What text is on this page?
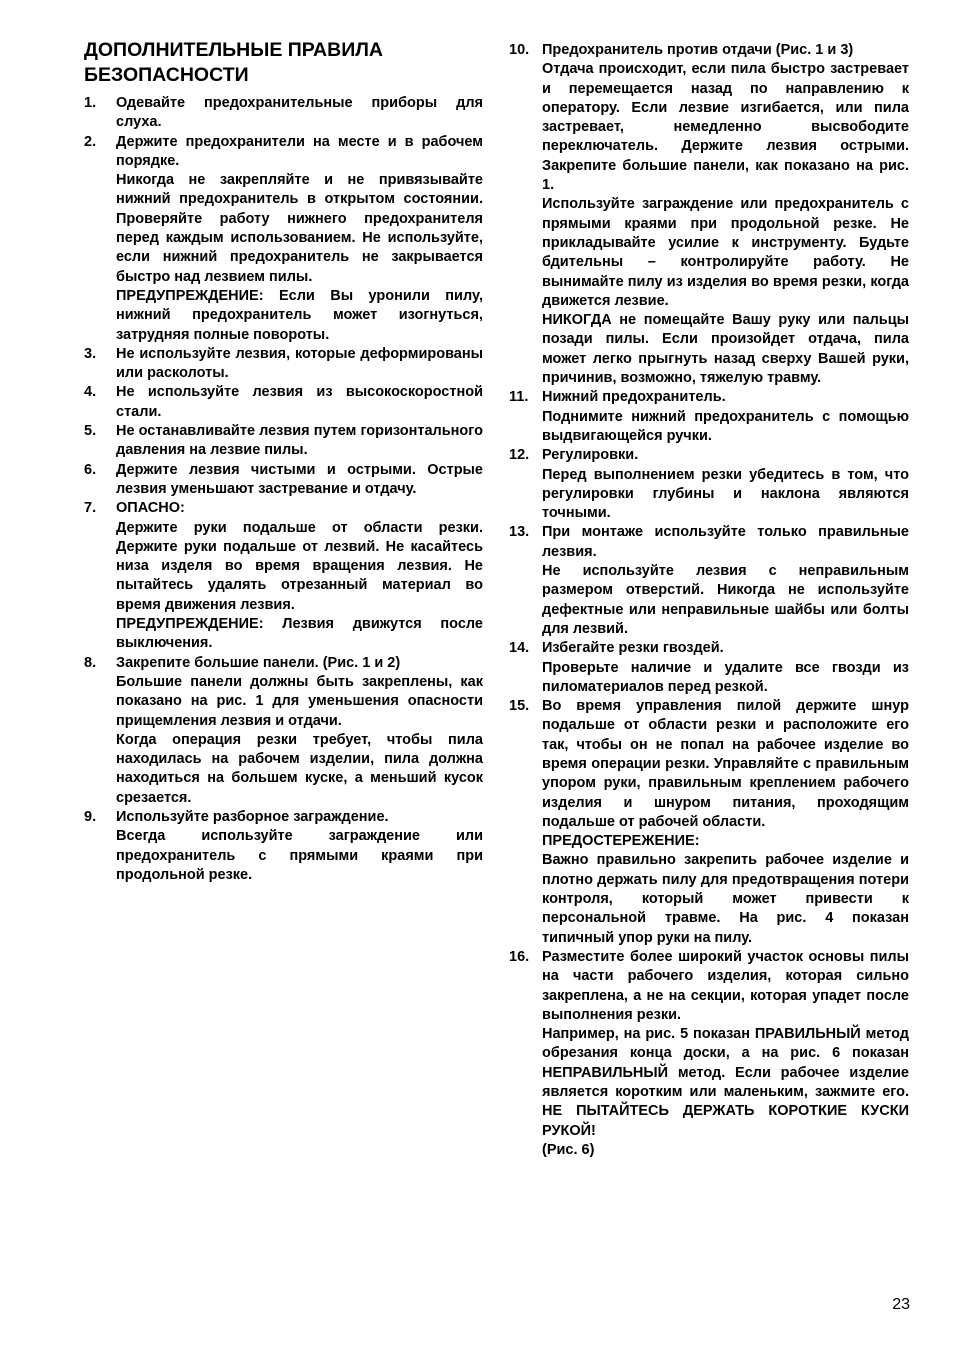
ДОПОЛНИТЕЛЬНЫЕ ПРАВИЛА БЕЗОПАСНОСТИ
1. Одевайте предохранительные приборы для слуха.

2. Держите предохранители на месте и в рабочем порядке.

Никогда не закрепляйте и не привязывайте нижний предохранитель в открытом состоянии. Проверяйте работу нижнего предохранителя перед каждым использованием. Не используйте, если нижний предохранитель не закрывается быстро над лезвием пилы.

ПРЕДУПРЕЖДЕНИЕ: Если Вы уронили пилу, нижний предохранитель может изогнуться, затрудняя полные повороты.

3. Не используйте лезвия, которые деформированы или расколоты.

4. Не используйте лезвия из высокоскоростной стали.

5. Не останавливайте лезвия путем горизонтального давления на лезвие пилы.

6. Держите лезвия чистыми и острыми. Острые лезвия уменьшают застревание и отдачу.

7. ОПАСНО:

Держите руки подальше от области резки. Держите руки подальше от лезвий. Не касайтесь низа изделя во время вращения лезвия. Не пытайтесь удалять отрезанный материал во время движения лезвия.

ПРЕДУПРЕЖДЕНИЕ: Лезвия движутся после выключения.

8. Закрепите большие панели. (Рис. 1 и 2)

Большие панели должны быть закреплены, как показано на рис. 1 для уменьшения опасности прищемления лезвия и отдачи.

Когда операция резки требует, чтобы пила находилась на рабочем изделии, пила должна находиться на большем куске, а меньший кусок срезается.

9. Используйте разборное заграждение.

Всегда используйте заграждение или предохранитель с прямыми краями при продольной резке.

10. Предохранитель против отдачи (Рис. 1 и 3)

Отдача происходит, если пила быстро застревает и перемещается назад по направлению к оператору. Если лезвие изгибается, или пила застревает, немедленно высвободите переключатель. Держите лезвия острыми. Закрепите большие панели, как показано на рис. 1.

Используйте заграждение или предохранитель с прямыми краями при продольной резке. Не прикладывайте усилие к инструменту. Будьте бдительны – контролируйте работу. Не вынимайте пилу из изделия во время резки, когда движется лезвие.

НИКОГДА не помещайте Вашу руку или пальцы позади пилы. Если произойдет отдача, пила может легко прыгнуть назад сверху Вашей руки, причинив, возможно, тяжелую травму.

11. Нижний предохранитель.

Поднимите нижний предохранитель с помощью выдвигающейся ручки.

12. Регулировки.

Перед выполнением резки убедитесь в том, что регулировки глубины и наклона являются точными.

13. При монтаже используйте только правильные лезвия.

Не используйте лезвия с неправильным размером отверстий. Никогда не используйте дефектные или неправильные шайбы или болты для лезвий.

14. Избегайте резки гвоздей.

Проверьте наличие и удалите все гвозди из пиломатериалов перед резкой.

15. Во время управления пилой держите шнур подальше от области резки и расположите его так, чтобы он не попал на рабочее изделие во время операции резки. Управляйте с правильным упором руки, правильным креплением рабочего изделия и шнуром питания, проходящим подальше от рабочей области.

ПРЕДОСТЕРЕЖЕНИЕ:

Важно правильно закрепить рабочее изделие и плотно держать пилу для предотвращения потери контроля, который может привести к персональной травме. На рис. 4 показан типичный упор руки на пилу.

16. Разместите более широкий участок основы пилы на части рабочего изделия, которая сильно закреплена, а не на секции, которая упадет после выполнения резки.

Например, на рис. 5 показан ПРАВИЛЬНЫЙ метод обрезания конца доски, а на рис. 6 показан НЕПРАВИЛЬНЫЙ метод. Если рабочее изделие является коротким или маленьким, зажмите его. НЕ ПЫТАЙТЕСЬ ДЕРЖАТЬ КОРОТКИЕ КУСКИ РУКОЙ!

(Рис. 6)

23
